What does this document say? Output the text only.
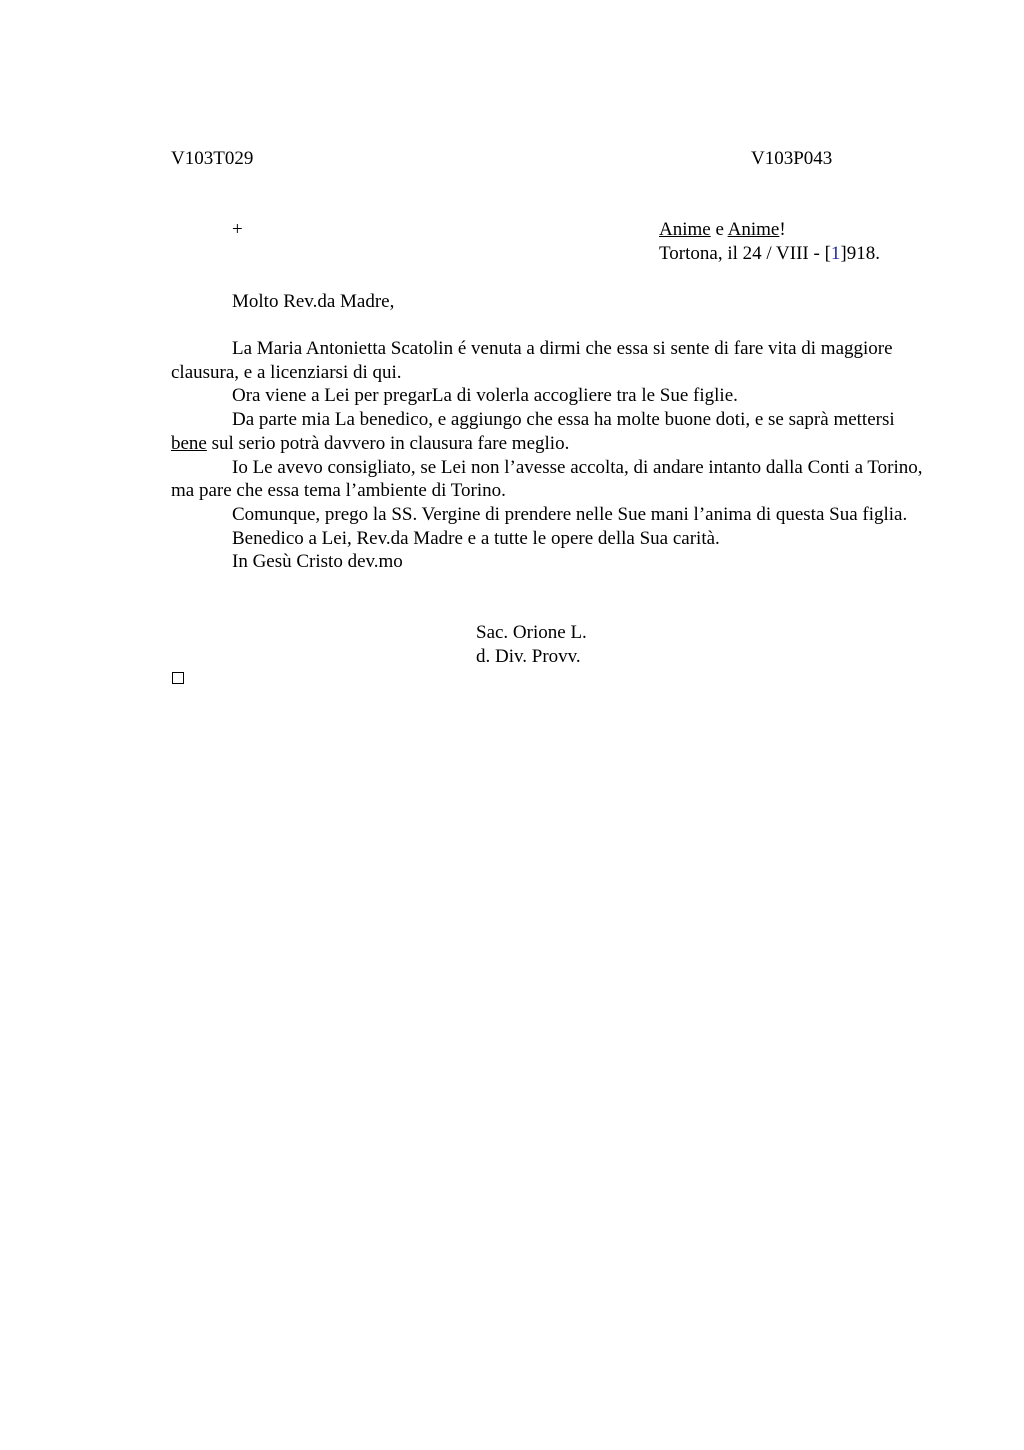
V103T029	V103P043
+	Anime e Anime!
Tortona, il 24 / VIII - [1]918.
Molto Rev.da Madre,

La Maria Antonietta Scatolin é venuta a dirmi che essa si sente di fare vita di maggiore clausura, e a licenziarsi di qui.

Ora viene a Lei per pregarLa di volerla accogliere tra le Sue figlie.

Da parte mia La benedico, e aggiungo che essa ha molte buone doti, e se saprà mettersi bene sul serio potrà davvero in clausura fare meglio.

Io Le avevo consigliato, se Lei non l’avesse accolta, di andare intanto dalla Conti a Torino, ma pare che essa tema l’ambiente di Torino.

Comunque, prego la SS. Vergine di prendere nelle Sue mani l’anima di questa Sua figlia.

Benedico a Lei, Rev.da Madre e a tutte le opere della Sua carità.

In Gesù Cristo dev.mo

Sac. Orione L.
d. Div. Provv.
